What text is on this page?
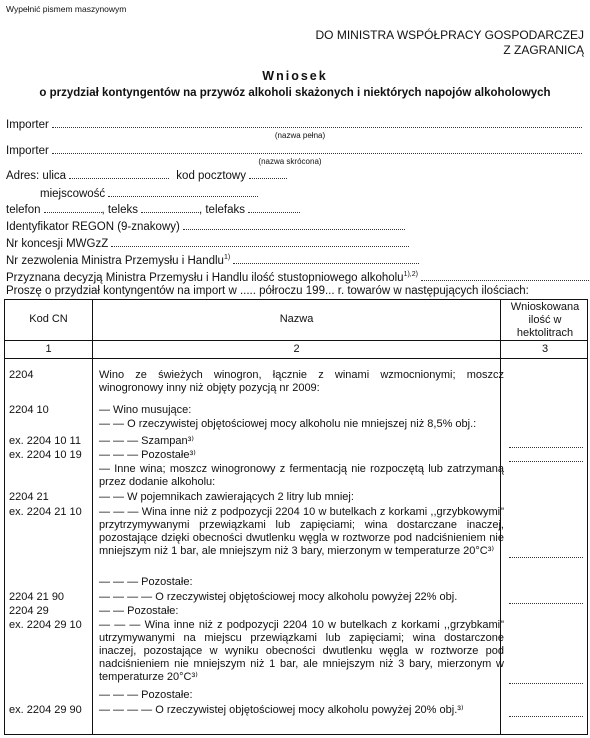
Wypełnić pismem maszynowym
DO MINISTRA WSPÓŁPRACY GOSPODARCZEJ
Z ZAGRANICĄ
Wniosek
o przydział kontyngentów na przywóz alkoholi skażonych i niektórych napojów alkoholowych
Importer
(nazwa pełna)
Importer
(nazwa skrócona)
Adres: ulica	kod pocztowy
miejscowość
telefon	, teleks	, telefaks
Identyfikator REGON (9-znakowy)
Nr koncesji MWGzZ
Nr zezwolenia Ministra Przemysłu i Handlu$^{1)}$
Przyznana decyzją Ministra Przemysłu i Handlu ilość stustopniowego alkoholu$^{1),2)}$
Proszę o przydział kontyngentów na import w ..... półroczu 199... r. towarów w następujących ilościach:
Kod CN	Nazwa
Wnioskowana ilość w hektolitrach
1	2	3
2204	Wino ze świeżych winogron, łącznie z winami wzmocnionymi; moszcz winogronowy inny niż objęty pozycją nr 2009:
2204 10	— Wino musujące:
— — O rzeczywistej objętościowej mocy alkoholu nie mniejszej niż 8,5% obj.:
ex. 2204 10 11	— — — Szampan³⁾
ex. 2204 10 19	— — — Pozostałe³⁾
— Inne wina; moszcz winogronowy z fermentacją nie rozpoczętą lub zatrzymaną przez dodanie alkoholu:
2204 21	— — W pojemnikach zawierających 2 litry lub mniej:
ex. 2204 21 10	— — — Wina inne niż z podpozycji 2204 10 w butelkach z korkami ,,grzybkowymi" przytrzymywanymi przewiązkami lub zapięciami; wina dostarczane inaczej, pozostające dzięki obecności dwutlenku węgla w roztworze pod nadciśnieniem nie mniejszym niż 1 bar, ale mniejszym niż 3 bary, mierzonym w temperaturze 20°C³⁾
— — — Pozostałe:
2204 21 90	— — — — O rzeczywistej objętościowej mocy alkoholu powyżej 22% obj.
2204 29	— — Pozostałe:
ex. 2204 29 10	— — — Wina inne niż z podpozycji 2204 10 w butelkach z korkami ,,grzybkami" utrzymywanymi na miejscu przewiązkami lub zapięciami; wina dostarczone inaczej, pozostające w wyniku obecności dwutlenku węgla w roztworze pod nadciśnieniem nie mniejszym niż 1 bar, ale mniejszym niż 3 bary, mierzonym w temperaturze 20°C³⁾
— — — Pozostałe:
ex. 2204 29 90	— — — — O rzeczywistej objętościowej mocy alkoholu powyżej 20% obj.³⁾
